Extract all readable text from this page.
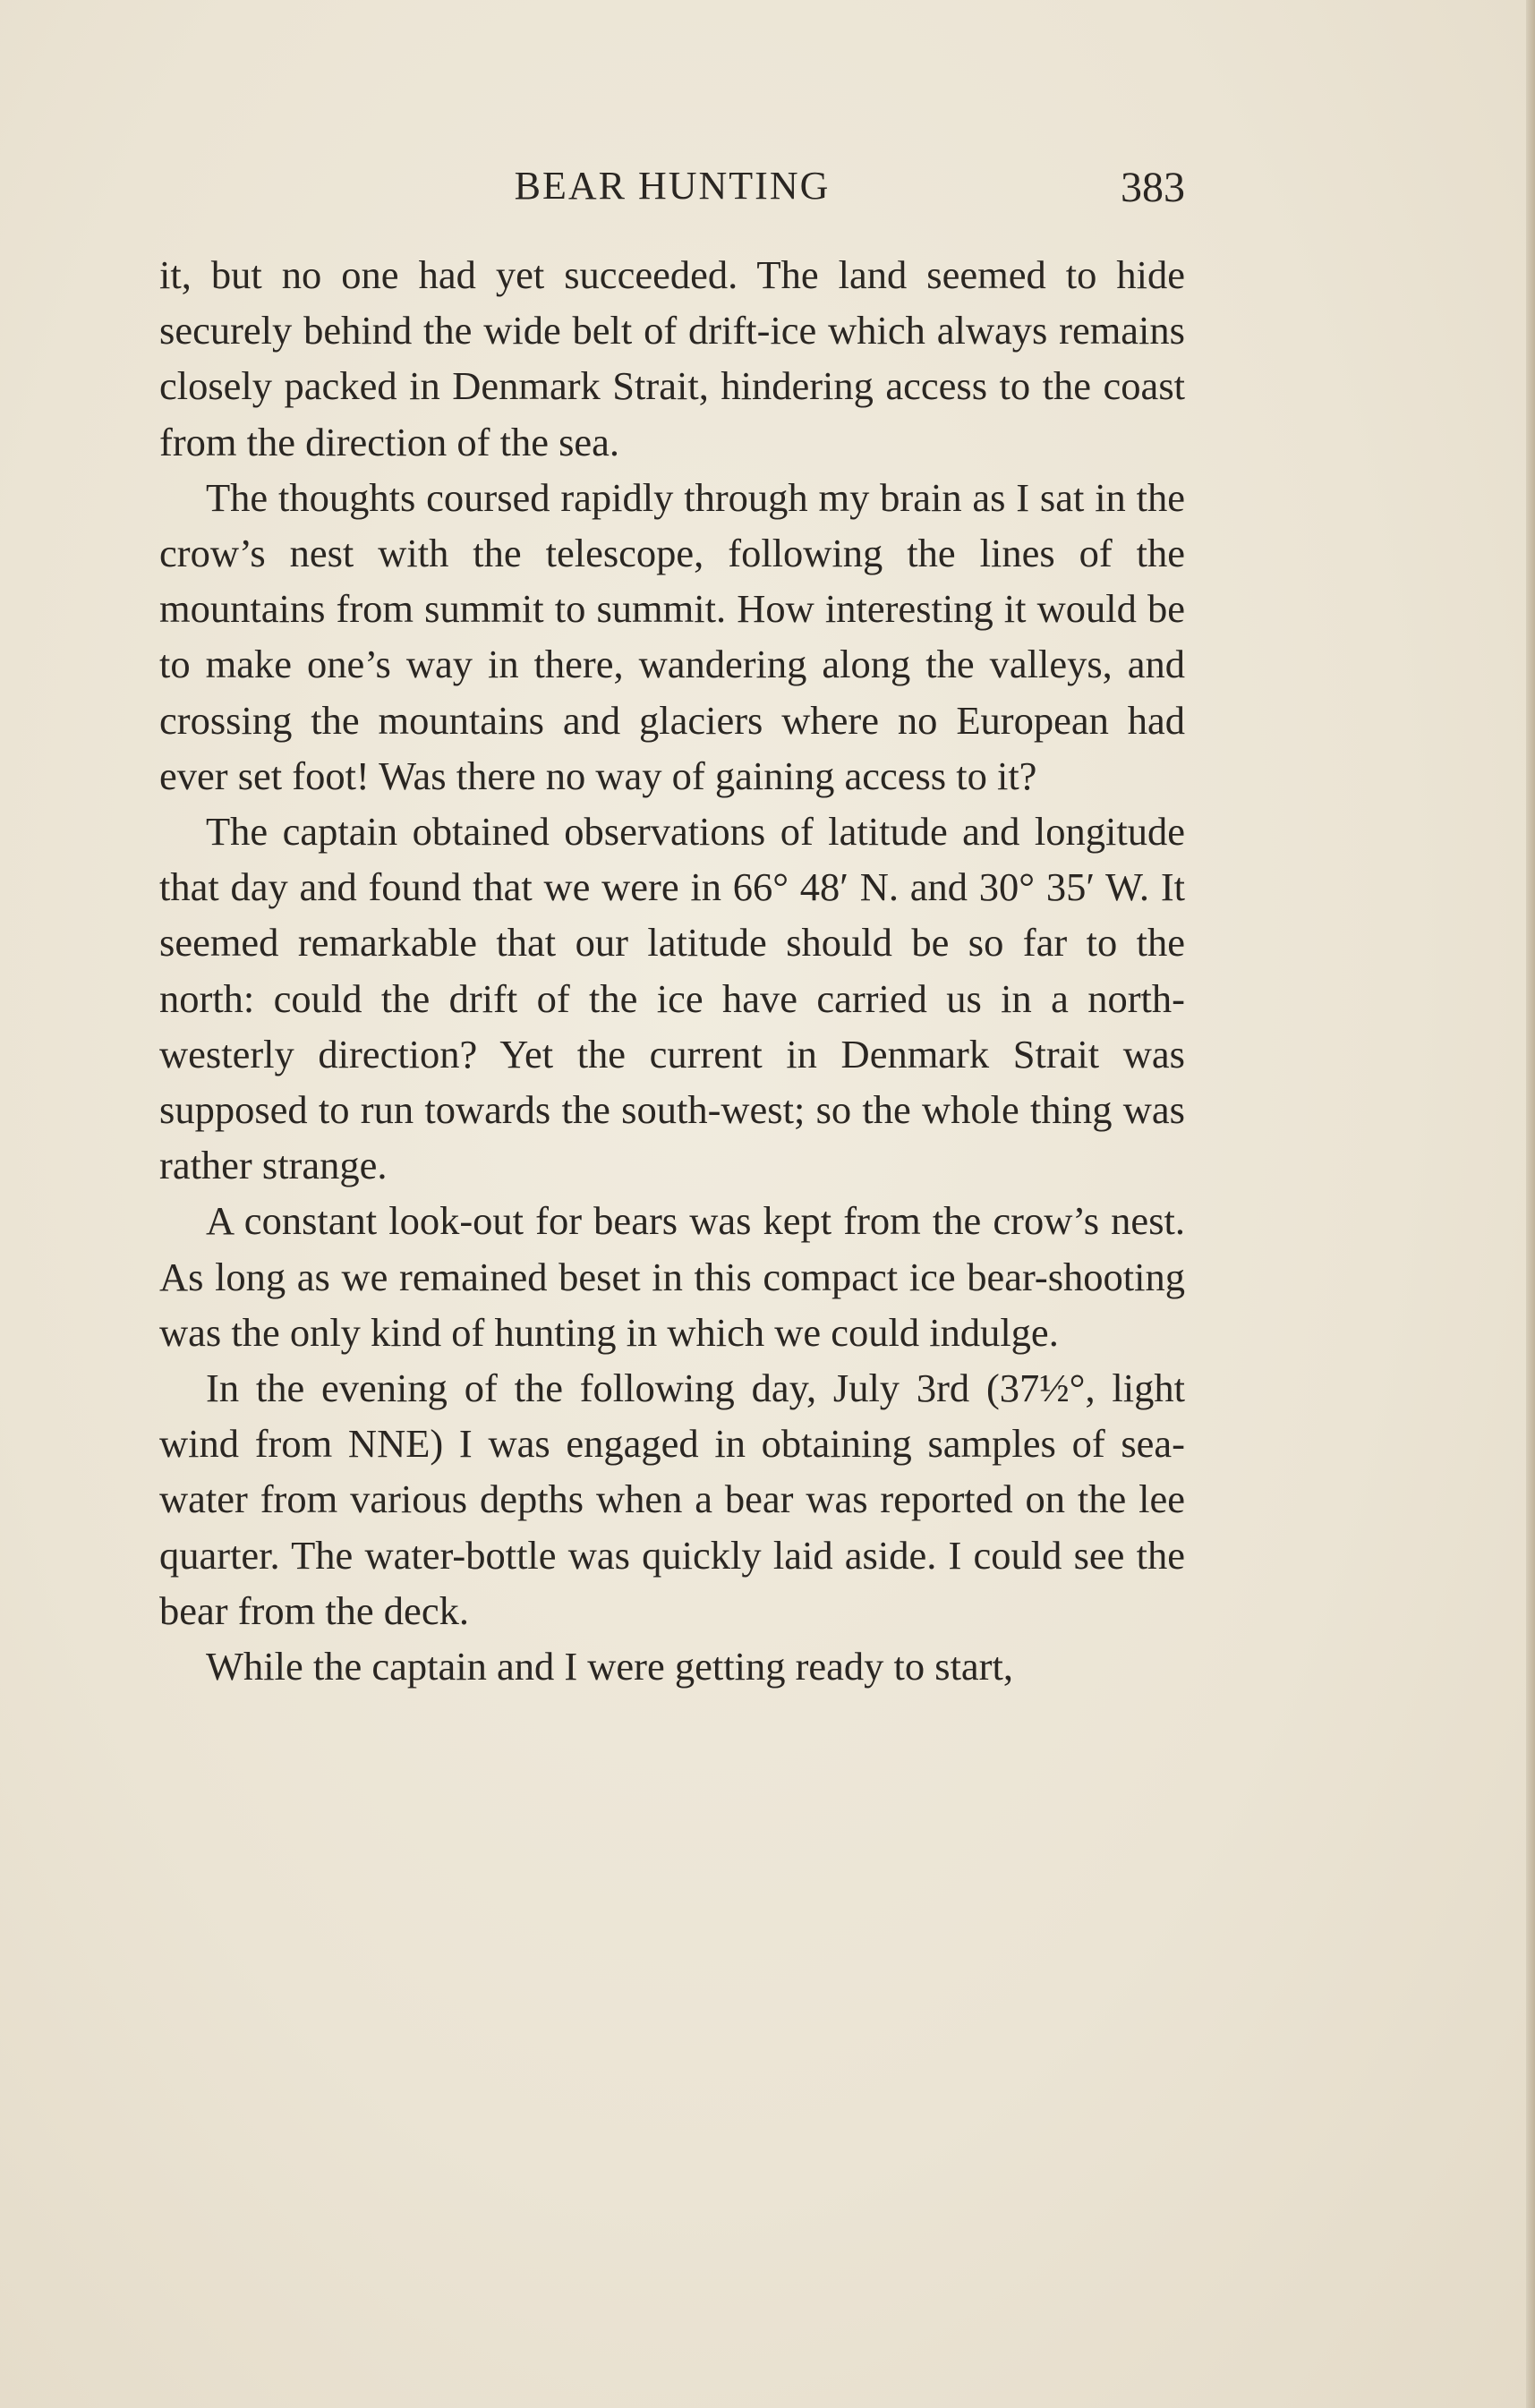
BEAR HUNTING	383

it, but no one had yet succeeded. The land seemed to hide securely behind the wide belt of drift-ice which always remains closely packed in Denmark Strait, hindering access to the coast from the direction of the sea.

The thoughts coursed rapidly through my brain as I sat in the crow’s nest with the telescope, following the lines of the mountains from summit to summit. How interesting it would be to make one’s way in there, wandering along the valleys, and crossing the mountains and glaciers where no European had ever set foot! Was there no way of gaining access to it?

The captain obtained observations of latitude and longitude that day and found that we were in 66° 48′ N. and 30° 35′ W. It seemed remarkable that our latitude should be so far to the north: could the drift of the ice have carried us in a north-westerly direction? Yet the current in Denmark Strait was supposed to run towards the south-west; so the whole thing was rather strange.

A constant look-out for bears was kept from the crow’s nest. As long as we remained beset in this compact ice bear-shooting was the only kind of hunting in which we could indulge.

In the evening of the following day, July 3rd (37½°, light wind from NNE) I was engaged in obtaining samples of sea-water from various depths when a bear was reported on the lee quarter. The water-bottle was quickly laid aside. I could see the bear from the deck.

While the captain and I were getting ready to start,
